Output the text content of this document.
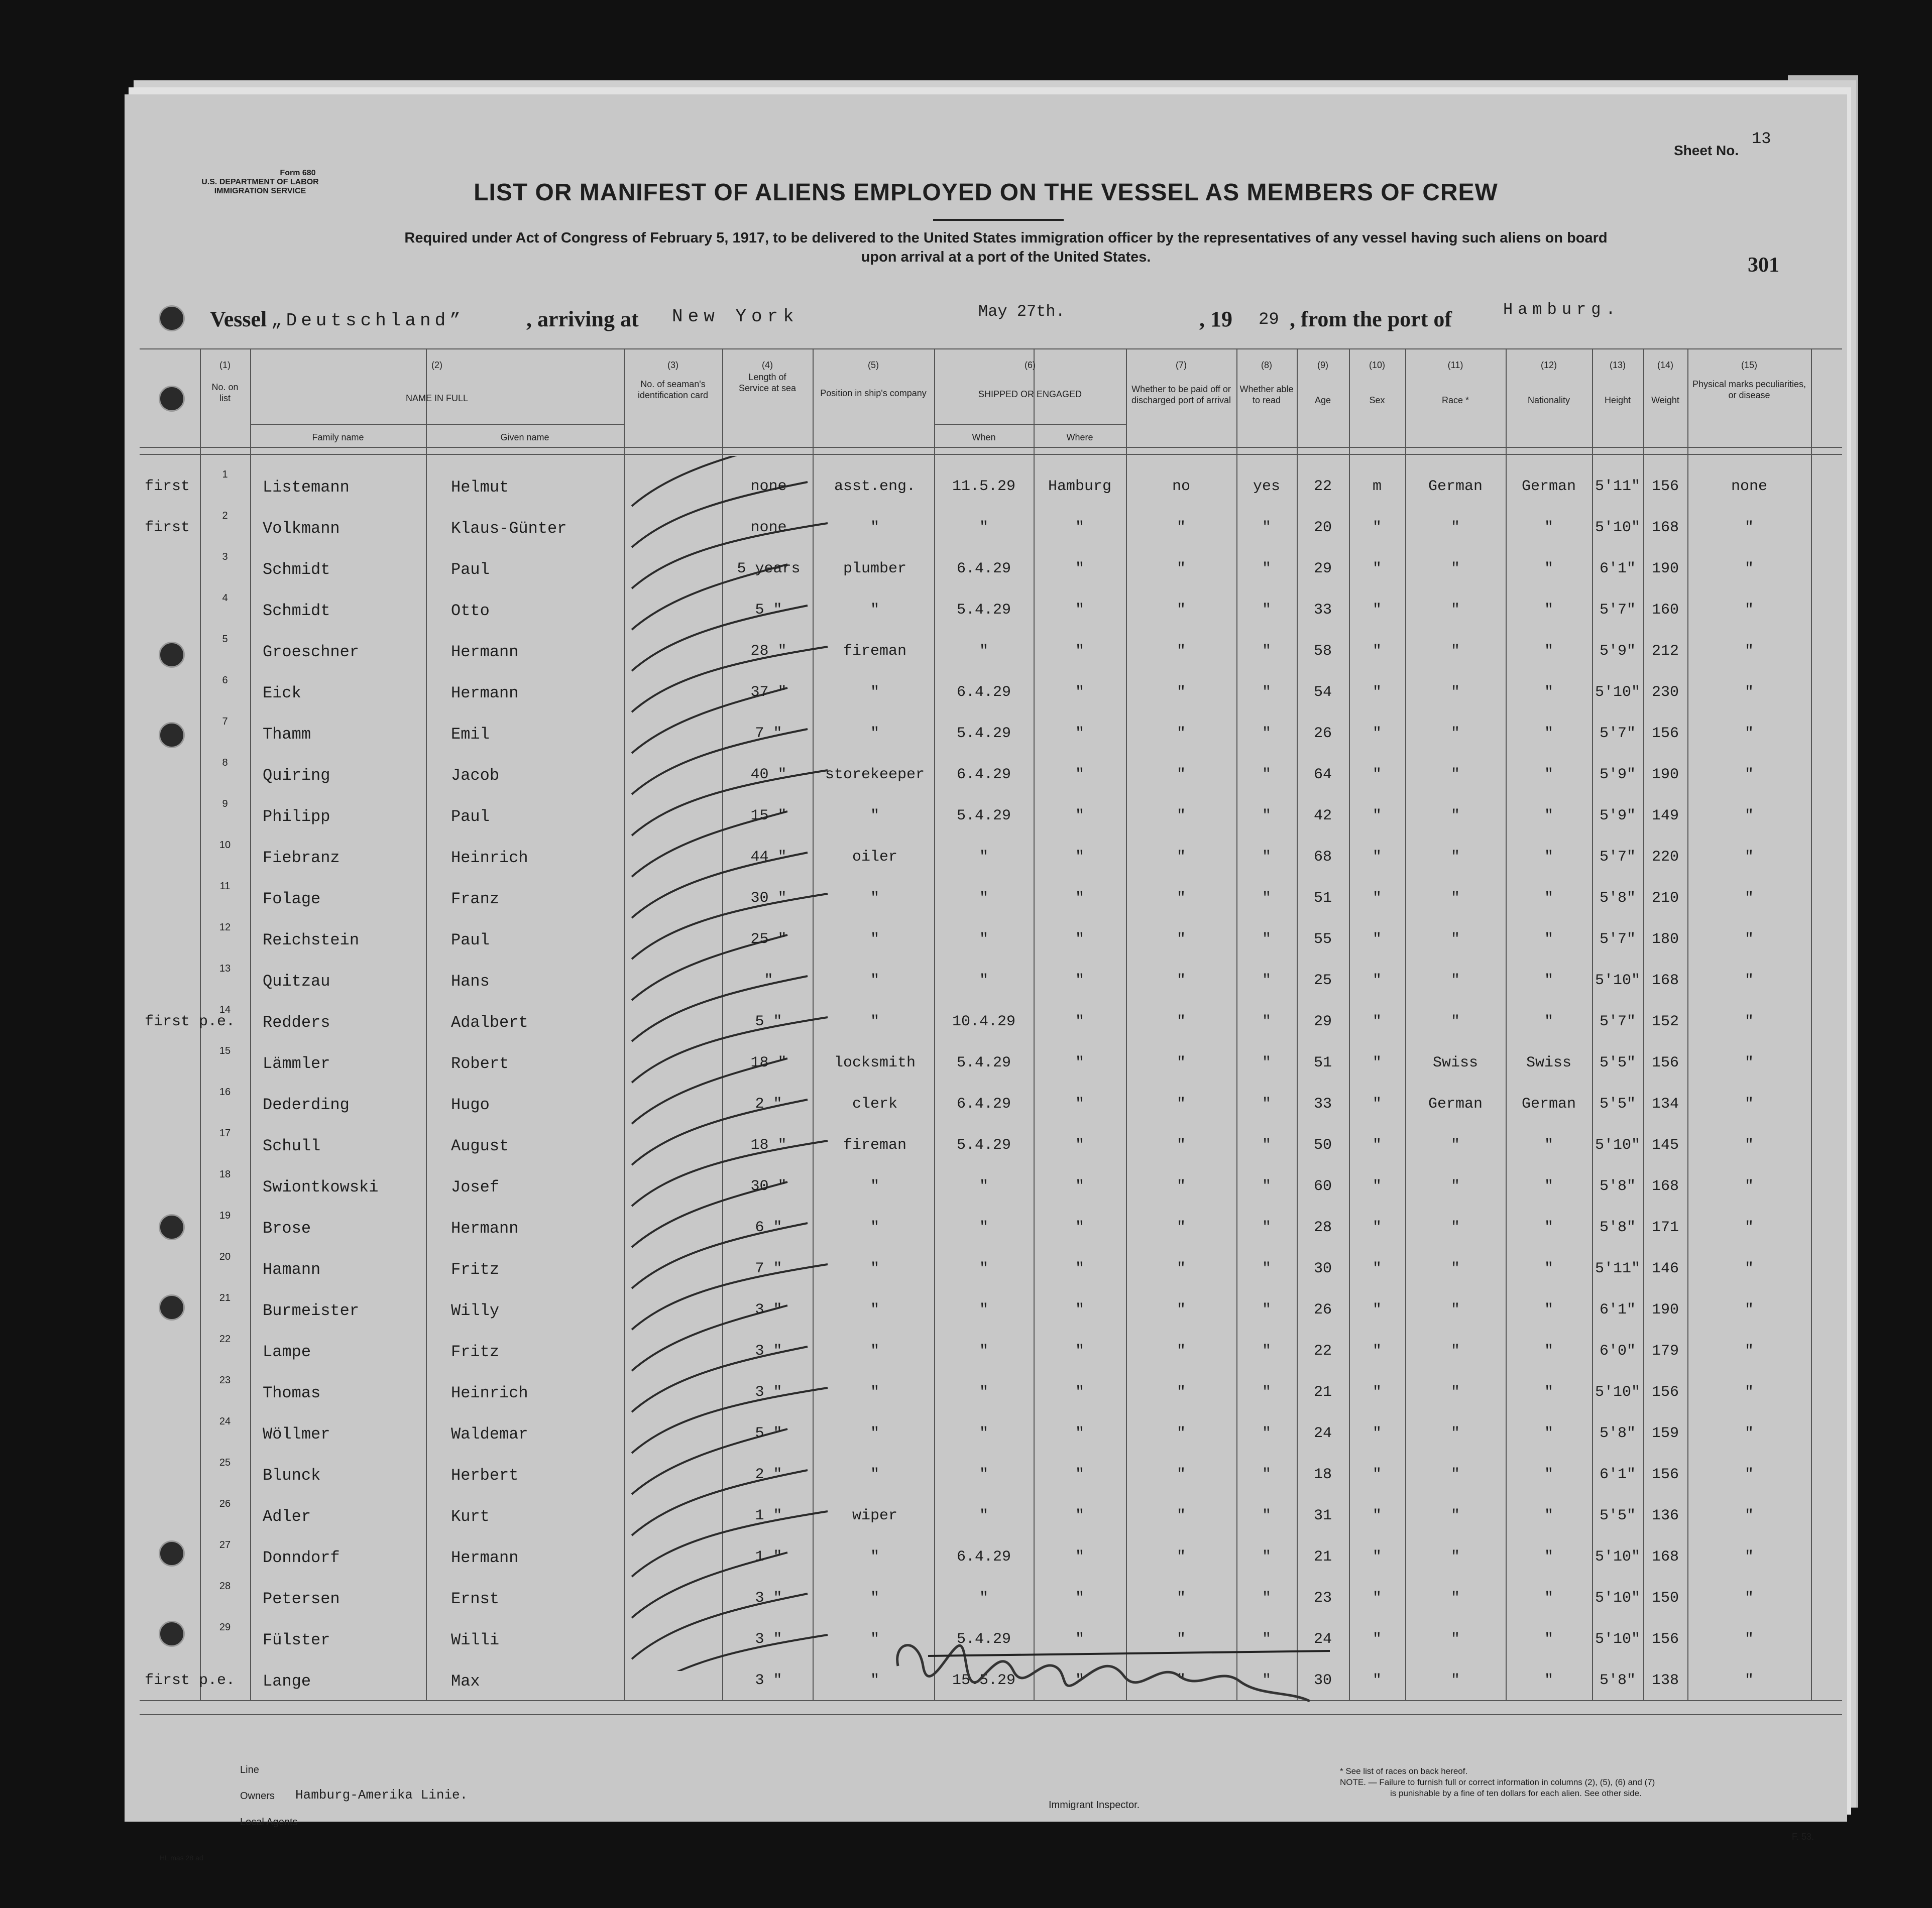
Form 680
U.S. DEPARTMENT OF LABOR
IMMIGRATION SERVICE
Sheet No.
13
LIST OR MANIFEST OF ALIENS EMPLOYED ON THE VESSEL AS MEMBERS OF CREW
Required under Act of Congress of February 5, 1917, to be delivered to the United States immigration officer by the representatives of any vessel having such aliens on board
upon arrival at a port of the United States.	301
Vessel „Deutschland”	, arriving at New York	May 27th.	, 19 29 , from the port of	Hamburg.
(1)
No. on list
(2)
NAME IN FULL
Family name	Given name
(3)
No. of seaman's identification card
(4)
Length of Service at sea
(5)
Position in ship's company
(6)
SHIPPED OR ENGAGED
When	Where
(7)
Whether to be paid off or discharged port of arrival
(8)
Whether able to read
(9)
Age
(10)
Sex
(11)
Race *
(12)
Nationality
(13)
Height
(14)
Weight
(15)
Physical marks peculiarities, or disease
first
1
Listemann	Helmut	none	asst.eng.	11.5.29	Hamburg	no	yes	22	m	German	German	5'11" 156	none
first
2
Volkmann	Klaus-Günter	none	"	"	"	"	"	20	"	"	"	5'10" 168	"
3
Schmidt	Paul	5 years	plumber	6.4.29	"	"	"	29	"	"	"	6'1"	190	"
4
Schmidt	Otto	5 "	"	5.4.29	"	"	"	33	"	"	"	5'7"	160	"
5
Groeschner	Hermann	28 "	fireman	"	"	"	"	58	"	"	"	5'9"	212	"
6
Eick	Hermann	37 "	"	6.4.29	"	"	"	54	"	"	"	5'10" 230	"
7
Thamm	Emil	7 "	"	5.4.29	"	"	"	26	"	"	"	5'7"	156	"
8
Quiring	Jacob	40 "	storekeeper	6.4.29	"	"	"	64	"	"	"	5'9"	190	"
9
Philipp	Paul	15 "	"	5.4.29	"	"	"	42	"	"	"	5'9"	149	"
10
Fiebranz	Heinrich	44 "	oiler	"	"	"	"	68	"	"	"	5'7"	220	"
11
Folage	Franz	30 "	"	"	"	"	"	51	"	"	"	5'8"	210	"
12
Reichstein	Paul	25 "	"	"	"	"	"	55	"	"	"	5'7"	180	"
13
Quitzau	Hans	"	"	"	"	"	"	25	"	"	"	5'10" 168	"
first p.e.
14
Redders	Adalbert	5 "	"	10.4.29	"	"	"	29	"	"	"	5'7"	152	"
15
Lämmler	Robert	18 "	locksmith	5.4.29	"	"	"	51	"	Swiss	Swiss	5'5"	156	"
16
Dederding	Hugo	2 "	clerk	6.4.29	"	"	"	33	"	German	German	5'5"	134	"
17
Schull	August	18 "	fireman	5.4.29	"	"	"	50	"	"	"	5'10" 145	"
18
Swiontkowski	Josef	30 "	"	"	"	"	"	60	"	"	"	5'8"	168	"
19
Brose	Hermann	6 "	"	"	"	"	"	28	"	"	"	5'8"	171	"
20
Hamann	Fritz	7 "	"	"	"	"	"	30	"	"	"	5'11" 146	"
21
Burmeister	Willy	3 "	"	"	"	"	"	26	"	"	"	6'1"	190	"
22
Lampe	Fritz	3 "	"	"	"	"	"	22	"	"	"	6'0"	179	"
23
Thomas	Heinrich	3 "	"	"	"	"	"	21	"	"	"	5'10" 156	"
24
Wöllmer	Waldemar	5 "	"	"	"	"	"	24	"	"	"	5'8"	159	"
25
Blunck	Herbert	2 "	"	"	"	"	"	18	"	"	"	6'1"	156	"
26
Adler	Kurt	1 "	wiper	"	"	"	"	31	"	"	"	5'5"	136	"
27
Donndorf	Hermann	1 "	"	6.4.29	"	"	"	21	"	"	"	5'10" 168	"
28
Petersen	Ernst	3 "	"	"	"	"	"	23	"	"	"	5'10" 150	"
29
Fülster	Willi	3 "	"	5.4.29	"	"	"	24	"	"	"	5'10" 156	"
first p.e.	Lange	Max	3 "	"	15.5.29	"	"	"	30	"	"	"	5'8"	138	"
Line
Owners Hamburg-Amerika Linie.
Local Agents
Immigrant Inspector.
* See list of races on back hereof.
NOTE. — Failure to furnish full or correct information in columns (2), (5), (6) and (7)
is punishable by a fine of ten dollars for each alien. See other side.
F. 53.
HL mas 28 ad
